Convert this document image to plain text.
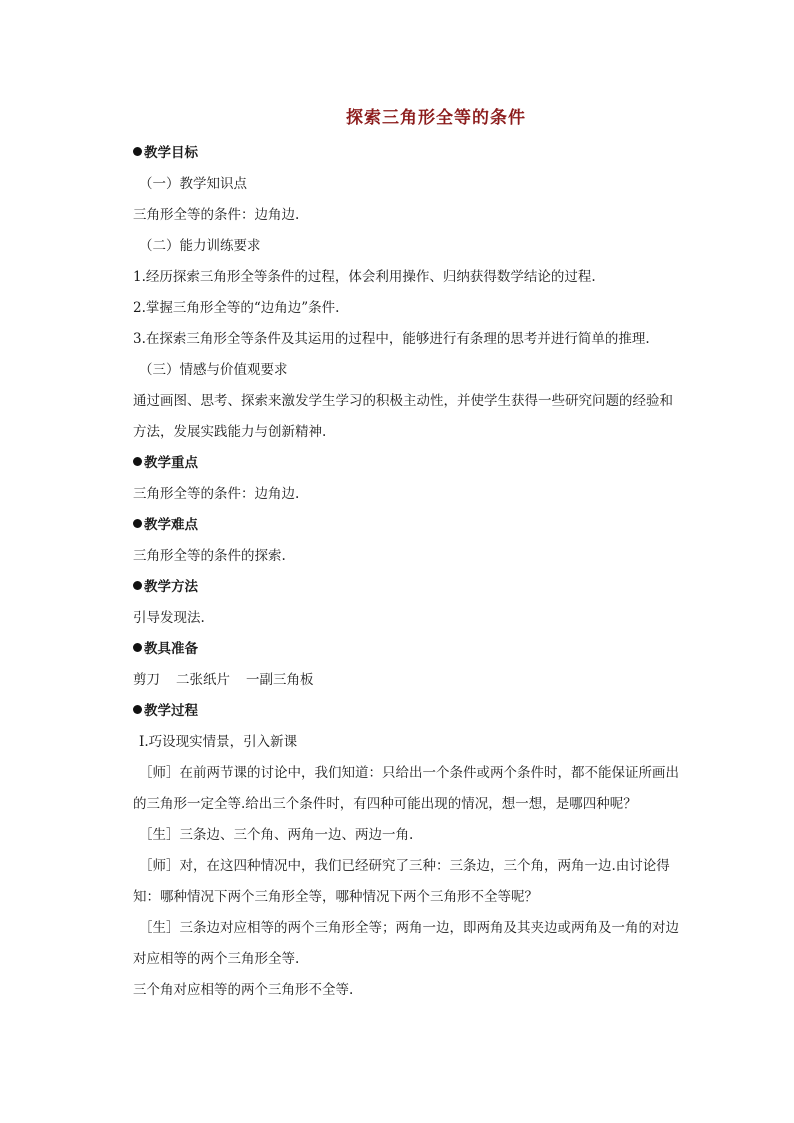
探索三角形全等的条件
教学目标
（一）教学知识点
三角形全等的条件：边角边.
（二）能力训练要求
1.经历探索三角形全等条件的过程，体会利用操作、归纳获得数学结论的过程.
2.掌握三角形全等的“边角边”条件.
3.在探索三角形全等条件及其运用的过程中，能够进行有条理的思考并进行简单的推理.
（三）情感与价值观要求
通过画图、思考、探索来激发学生学习的积极主动性，并使学生获得一些研究问题的经验和
方法，发展实践能力与创新精神.
教学重点
三角形全等的条件：边角边.
教学难点
三角形全等的条件的探索.
教学方法
引导发现法.
教具准备
剪刀 二张纸片 一副三角板
教学过程
Ⅰ.巧设现实情景，引入新课
［师］在前两节课的讨论中，我们知道：只给出一个条件或两个条件时，都不能保证所画出
的三角形一定全等.给出三个条件时，有四种可能出现的情况，想一想，是哪四种呢？
［生］三条边、三个角、两角一边、两边一角.
［师］对，在这四种情况中，我们已经研究了三种：三条边，三个角，两角一边.由讨论得
知：哪种情况下两个三角形全等，哪种情况下两个三角形不全等呢？
［生］三条边对应相等的两个三角形全等；两角一边，即两角及其夹边或两角及一角的对边
对应相等的两个三角形全等.
三个角对应相等的两个三角形不全等.
